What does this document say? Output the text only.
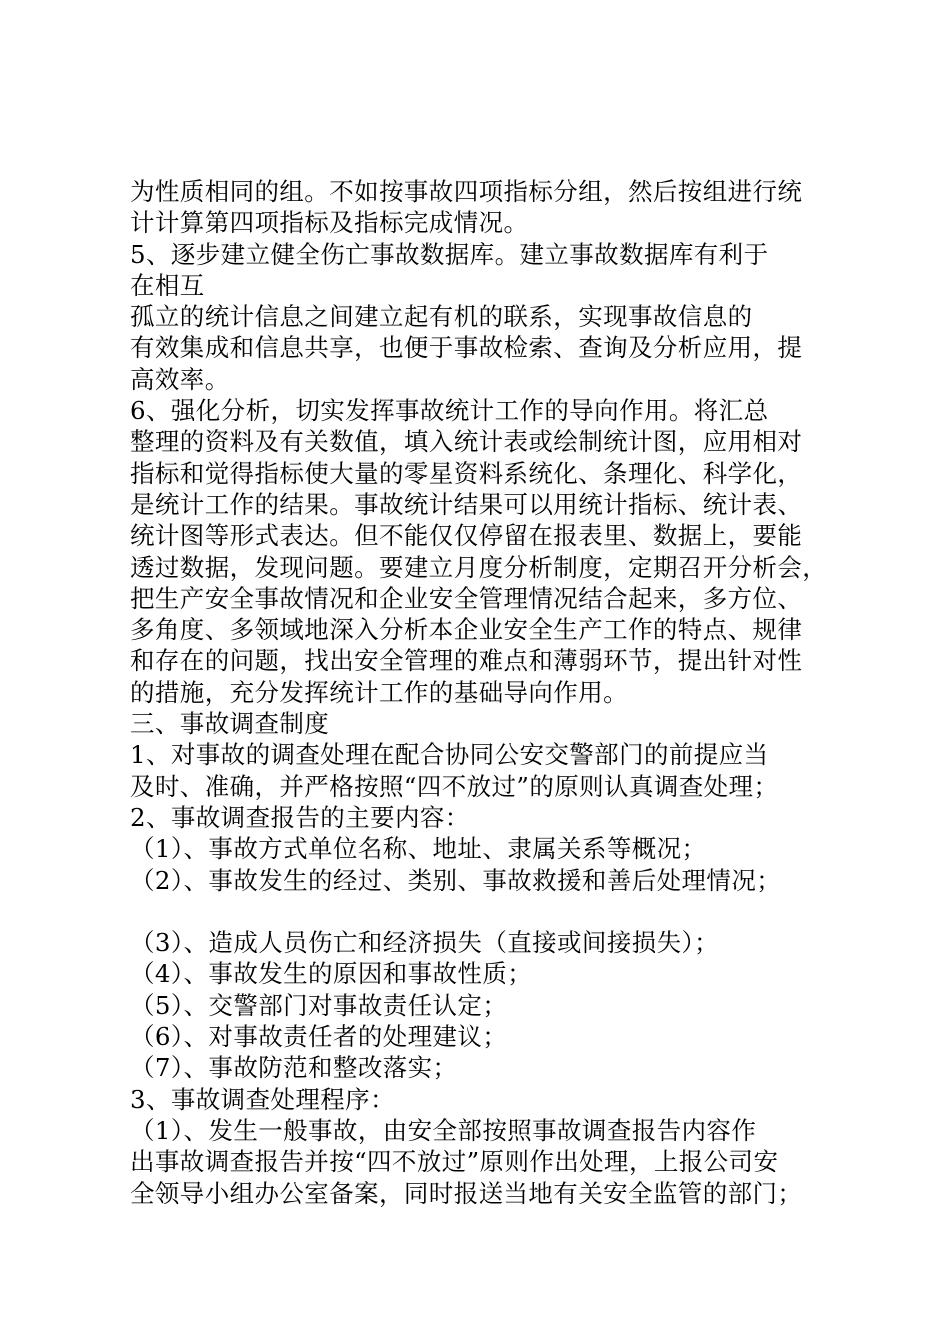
为性质相同的组。不如按事故四项指标分组，然后按组进行统
计计算第四项指标及指标完成情况。
5、逐步建立健全伤亡事故数据库。建立事故数据库有利于
在相互
孤立的统计信息之间建立起有机的联系，实现事故信息的
有效集成和信息共享，也便于事故检索、查询及分析应用，提
高效率。
6、强化分析，切实发挥事故统计工作的导向作用。将汇总
整理的资料及有关数值，填入统计表或绘制统计图，应用相对
指标和觉得指标使大量的零星资料系统化、条理化、科学化，
是统计工作的结果。事故统计结果可以用统计指标、统计表、
统计图等形式表达。但不能仅仅停留在报表里、数据上，要能
透过数据，发现问题。要建立月度分析制度，定期召开分析会，
把生产安全事故情况和企业安全管理情况结合起来，多方位、
多角度、多领域地深入分析本企业安全生产工作的特点、规律
和存在的问题，找出安全管理的难点和薄弱环节，提出针对性
的措施，充分发挥统计工作的基础导向作用。
三、事故调查制度
1、对事故的调查处理在配合协同公安交警部门的前提应当
及时、准确，并严格按照“四不放过”的原则认真调查处理；
2、事故调查报告的主要内容：
（1）、事故方式单位名称、地址、隶属关系等概况；
（2）、事故发生的经过、类别、事故救援和善后处理情况；
（3）、造成人员伤亡和经济损失（直接或间接损失）；
（4）、事故发生的原因和事故性质；
（5）、交警部门对事故责任认定；
（6）、对事故责任者的处理建议；
（7）、事故防范和整改落实；
3、事故调查处理程序：
（1）、发生一般事故，由安全部按照事故调查报告内容作
出事故调查报告并按“四不放过”原则作出处理，上报公司安
全领导小组办公室备案，同时报送当地有关安全监管的部门；
